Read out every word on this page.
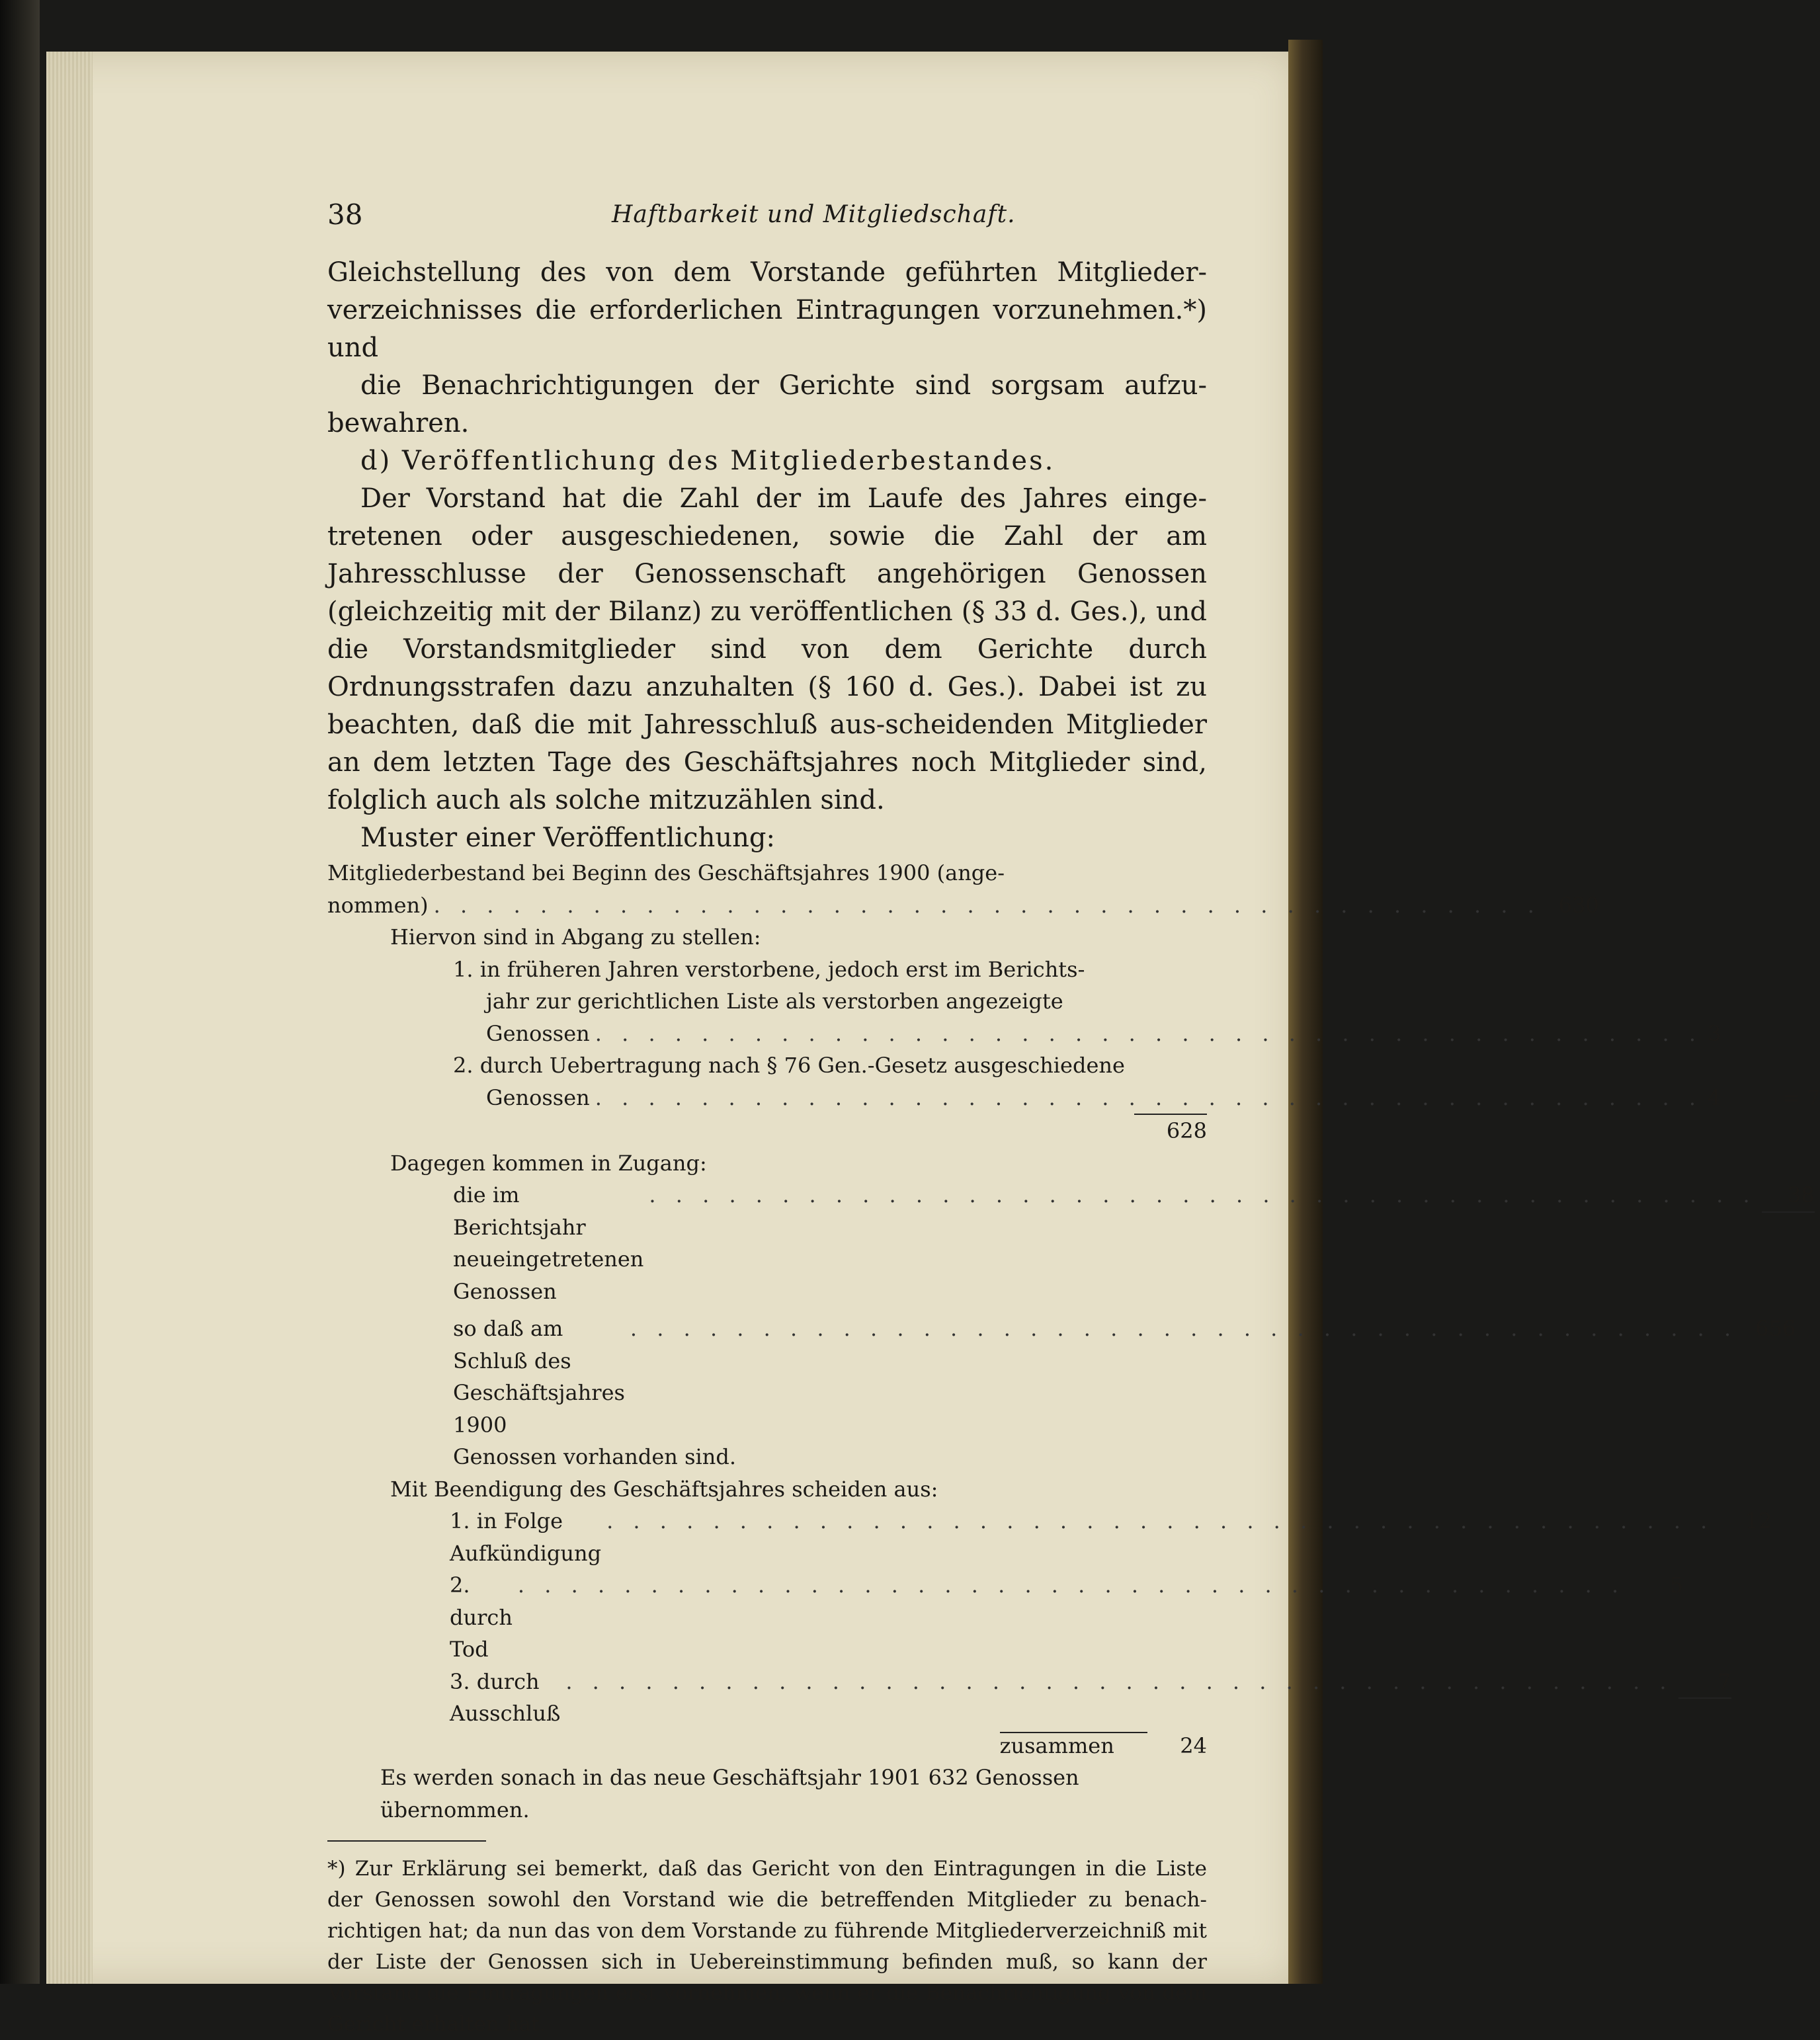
38	Haftbarkeit und Mitgliedschaft.

Gleichstellung des von dem Vorstande geführten Mitglieder-verzeichnisses die erforderlichen Eintragungen vorzunehmen.*) und

die Benachrichtigungen der Gerichte sind sorgsam aufzu-bewahren.

d) Veröffentlichung des Mitgliederbestandes.

Der Vorstand hat die Zahl der im Laufe des Jahres einge-tretenen oder ausgeschiedenen, sowie die Zahl der am Jahresschlusse der Genossenschaft angehörigen Genossen (gleichzeitig mit der Bilanz) zu veröffentlichen (§ 33 d. Ges.), und die Vorstandsmitglieder sind von dem Gerichte durch Ordnungsstrafen dazu anzuhalten (§ 160 d. Ges.). Dabei ist zu beachten, daß die mit Jahresschluß aus-scheidenden Mitglieder an dem letzten Tage des Geschäftsjahres noch Mitglieder sind, folglich auch als solche mitzuzählen sind.

Muster einer Veröffentlichung:

Mitgliederbestand bei Beginn des Geschäftsjahres 1900 (ange-
nommen) . . . . . . . . . . . . . . . . . . . . . . . . . . . . . . . . . . . . . . . . . . 630
Hiervon sind in Abgang zu stellen:
1. in früheren Jahren verstorbene, jedoch erst im Berichts-
jahr zur gerichtlichen Liste als verstorben angezeigte
Genossen . . . . . . . . . . . . . . . . . . . . . . . . . . . . . . . . . . . . . . . . . . 3
2. durch Uebertragung nach § 76 Gen.-Gesetz ausgeschiedene
Genossen . . . . . . . . . . . . . . . . . . . . . . . . . . . . . . . . . . . . . . . . . . 4	= 7
628
Dagegen kommen in Zugang:
die im Berichtsjahr neueingetretenen Genossen
. . . . . . . . . . . . . . . . . . . . . . . . . . . . . . . . . . . . . . . . . .	38
so daß am Schluß des Geschäftsjahres 1900
. . . . . . . . . . . . . . . . . . . . . . . . . . . . . . . . . . . . . . . . . . 656
Genossen vorhanden sind.
Mit Beendigung des Geschäftsjahres scheiden aus:
1. in Folge Aufkündigung
. . . . . . . . . . . . . . . . . . . . . . . . . . . . . . . . . . . . . . . . . .	12
2. durch Tod
. . . . . . . . . . . . . . . . . . . . . . . . . . . . . . . . . . . . . . . . . .	5
3. durch Ausschluß
. . . . . . . . . . . . . . . . . . . . . . . . . . . . . . . . . . . . . . . . . .	7
zusammen	24
Es werden sonach in das neue Geschäftsjahr 1901 632 Genossen übernommen.

*) Zur Erklärung sei bemerkt, daß das Gericht von den Eintragungen in die Liste der Genossen sowohl den Vorstand wie die betreffenden Mitglieder zu benach-richtigen hat; da nun das von dem Vorstande zu führende Mitgliederverzeichniß mit der Liste der Genossen sich in Uebereinstimmung befinden muß, so kann der Vorstand die Eintragungen erst vornehmen, wenn er die Benachrichtigung von dem Gericht erhalten hat.
